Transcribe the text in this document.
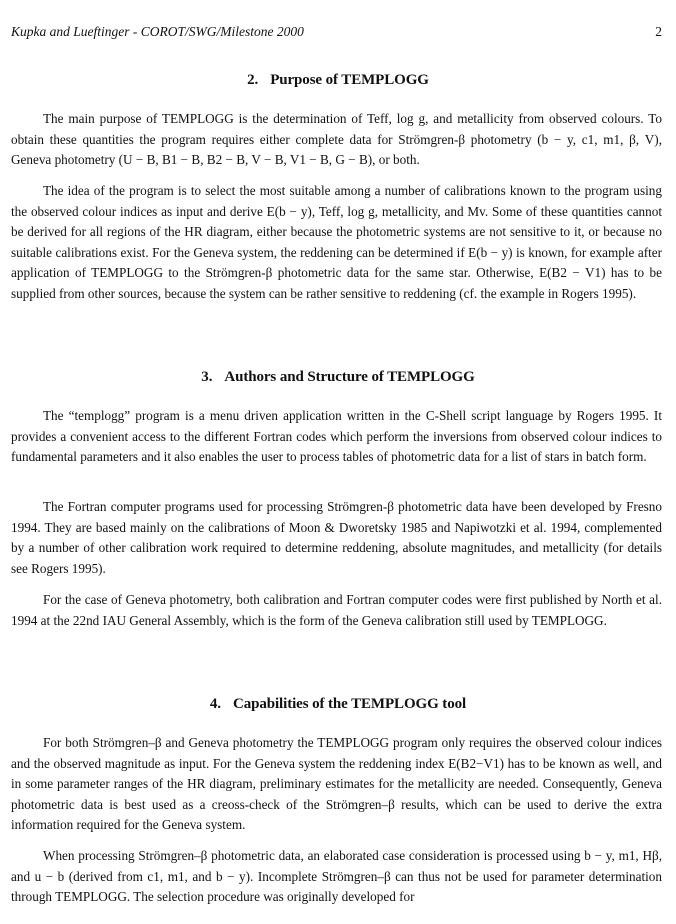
Kupka and Lueftinger - COROT/SWG/Milestone 2000	2
2. Purpose of TEMPLOGG

The main purpose of TEMPLOGG is the determination of Teff, log g, and metallicity from observed colours. To obtain these quantities the program requires either complete data for Strömgren-β photometry (b − y, c1, m1, β, V), Geneva photometry (U − B, B1 − B, B2 − B, V − B, V1 − B, G − B), or both.

The idea of the program is to select the most suitable among a number of calibrations known to the program using the observed colour indices as input and derive E(b − y), Teff, log g, metallicity, and Mv. Some of these quantities cannot be derived for all regions of the HR diagram, either because the photometric systems are not sensitive to it, or because no suitable calibrations exist. For the Geneva system, the reddening can be determined if E(b − y) is known, for example after application of TEMPLOGG to the Strömgren-β photometric data for the same star. Otherwise, E(B2 − V1) has to be supplied from other sources, because the system can be rather sensitive to reddening (cf. the example in Rogers 1995).

3. Authors and Structure of TEMPLOGG

The “templogg” program is a menu driven application written in the C-Shell script language by Rogers 1995. It provides a convenient access to the different Fortran codes which perform the inversions from observed colour indices to fundamental parameters and it also enables the user to process tables of photometric data for a list of stars in batch form.

The Fortran computer programs used for processing Strömgren-β photometric data have been developed by Fresno 1994. They are based mainly on the calibrations of Moon & Dworetsky 1985 and Napiwotzki et al. 1994, complemented by a number of other calibration work required to determine reddening, absolute magnitudes, and metallicity (for details see Rogers 1995).

For the case of Geneva photometry, both calibration and Fortran computer codes were first published by North et al. 1994 at the 22nd IAU General Assembly, which is the form of the Geneva calibration still used by TEMPLOGG.

4. Capabilities of the TEMPLOGG tool

For both Strömgren–β and Geneva photometry the TEMPLOGG program only requires the observed colour indices and the observed magnitude as input. For the Geneva system the reddening index E(B2−V1) has to be known as well, and in some parameter ranges of the HR diagram, preliminary estimates for the metallicity are needed. Consequently, Geneva photometric data is best used as a creoss-check of the Strömgren–β results, which can be used to derive the extra information required for the Geneva system.

When processing Strömgren–β photometric data, an elaborated case consideration is processed using b − y, m1, Hβ, and u − b (derived from c1, m1, and b − y). Incomplete Strömgren–β can thus not be used for parameter determination through TEMPLOGG. The selection procedure was originally developed for
